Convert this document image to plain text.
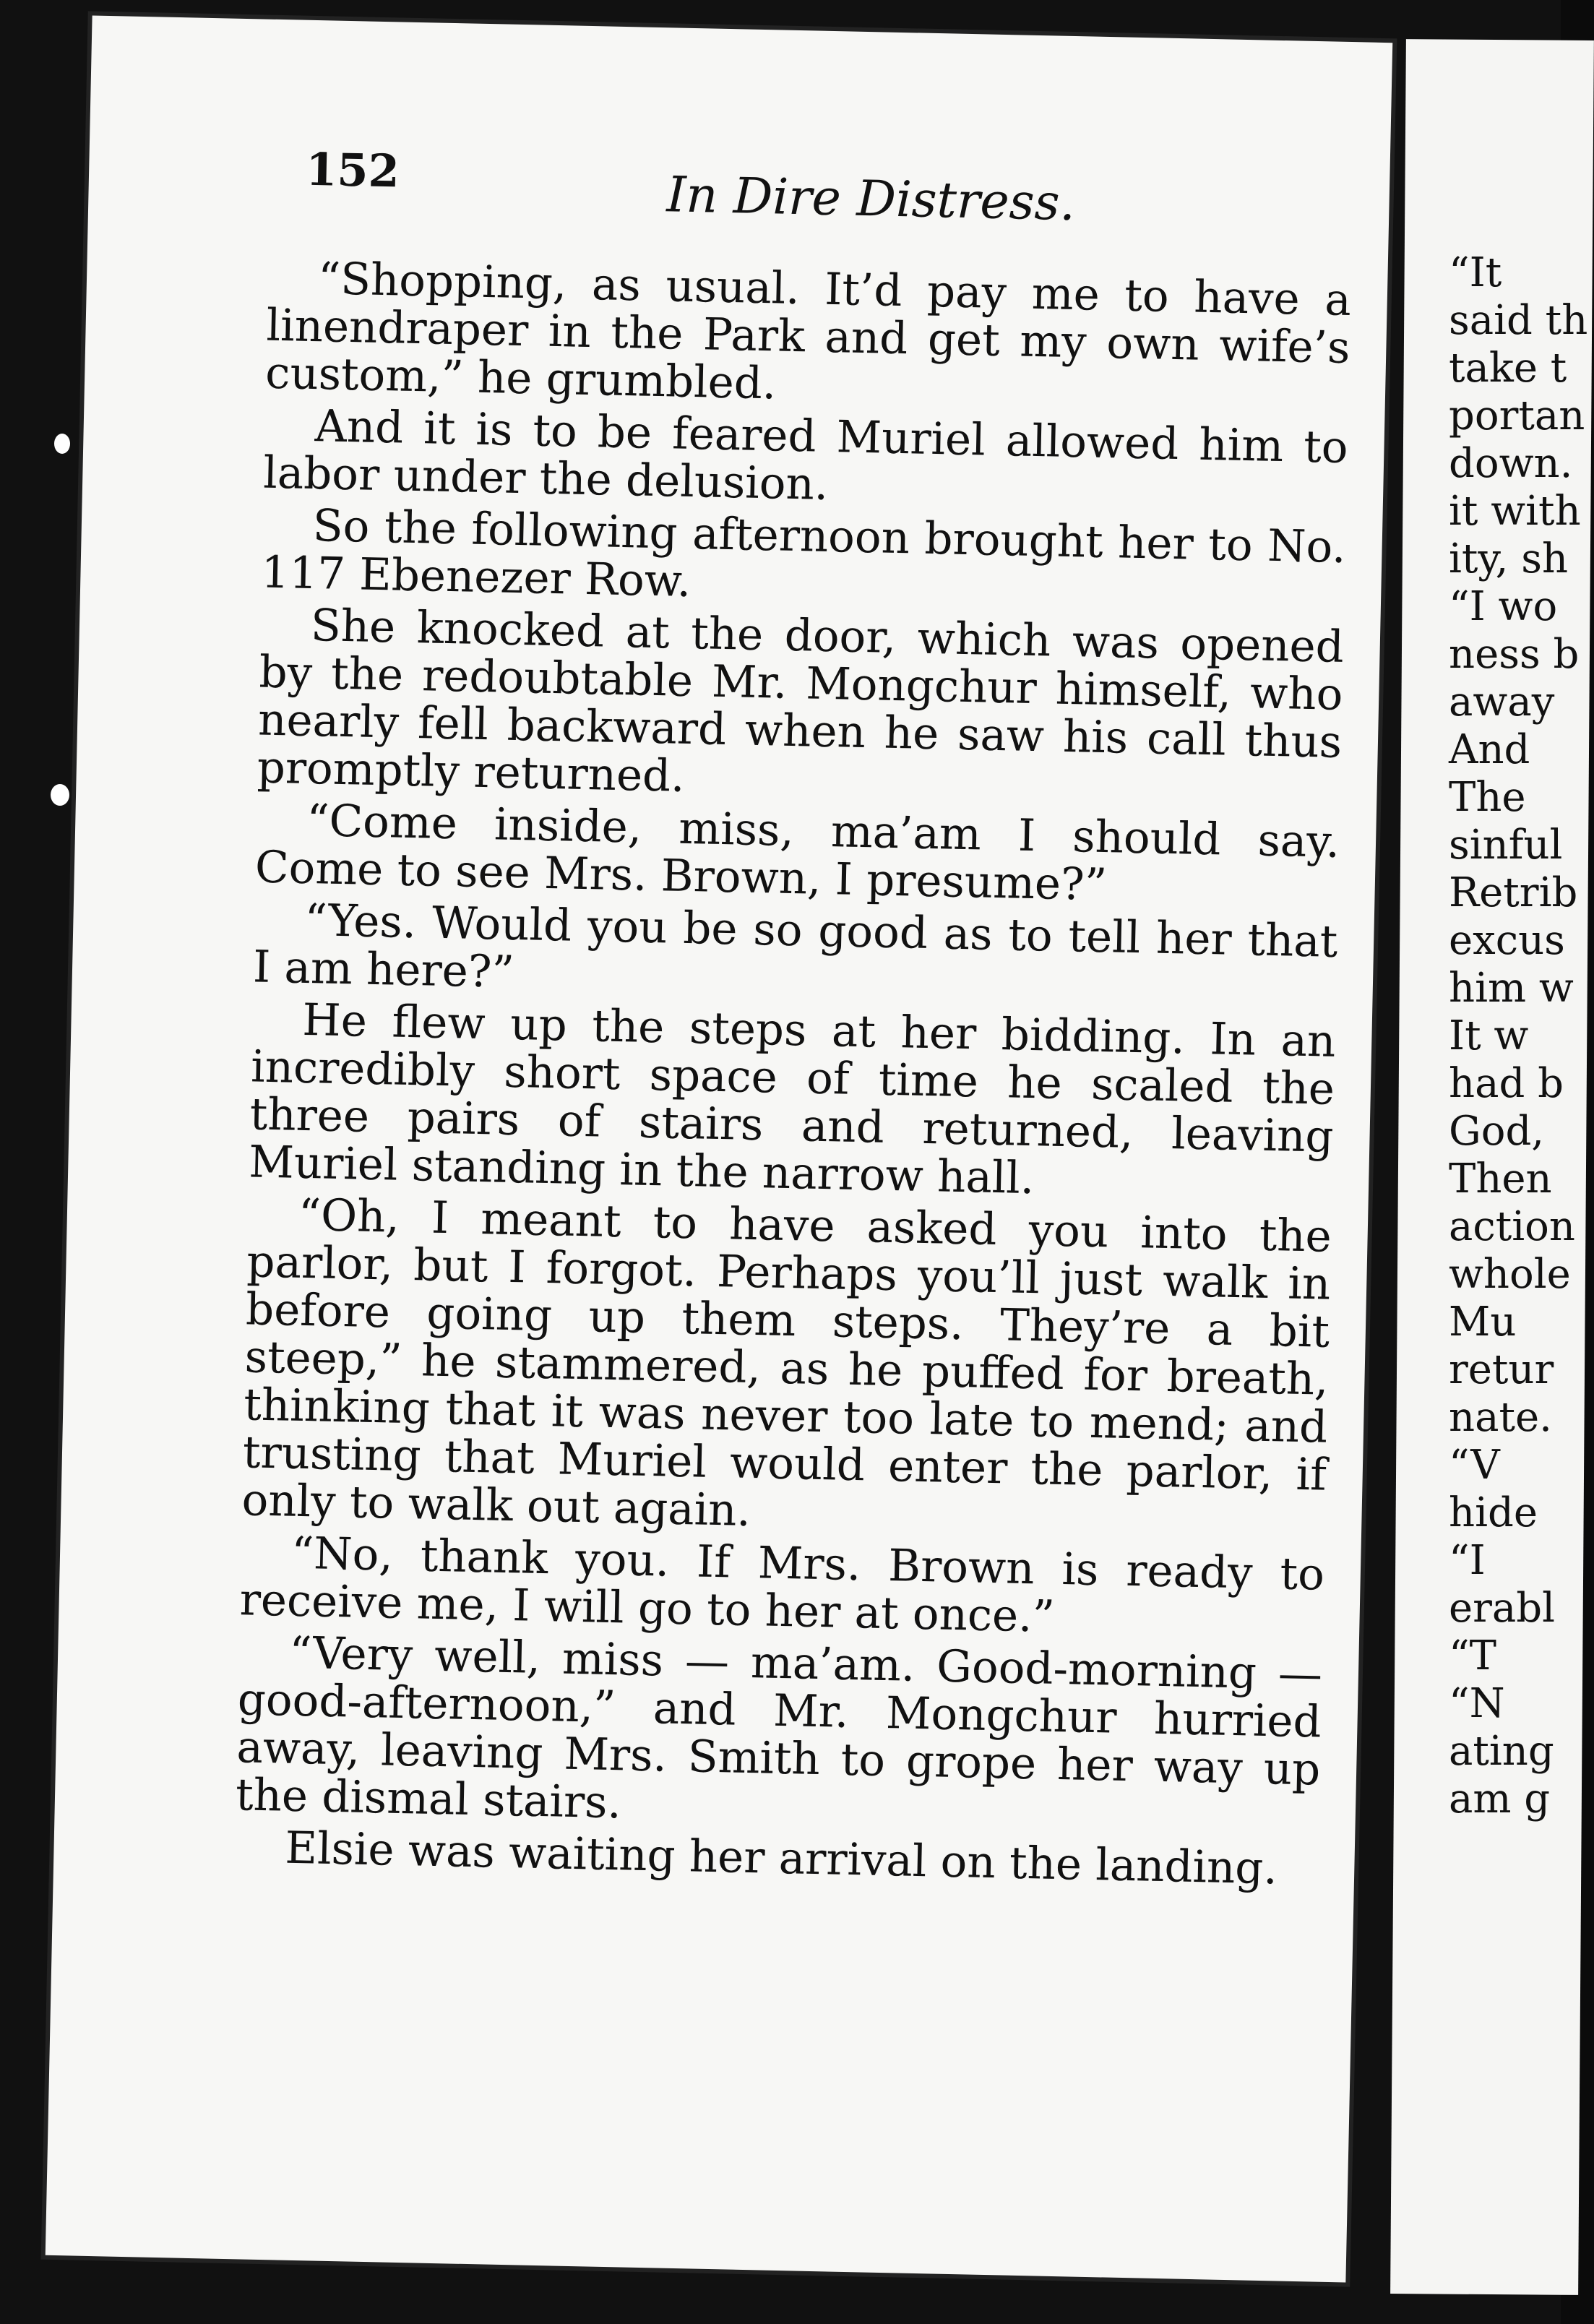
“It
said th
take t
portan
down.
it with
ity, sh
“I wo
ness b
away
And
The
sinful
Retrib
excus
him w
It w
had b
God,
Then
action
whole
Mu
retur
nate.
“V
hide
“I
erabl
“T
“N
ating
am g
152	In Dire Distress.

“Shopping, as usual. It’d pay me to have a linendraper in the Park and get my own wife’s custom,” he grumbled.

And it is to be feared Muriel allowed him to labor under the delusion.

So the following afternoon brought her to No. 117 Ebenezer Row.

She knocked at the door, which was opened by the redoubtable Mr. Mongchur himself, who nearly fell backward when he saw his call thus promptly returned.

“Come inside, miss, ma’am I should say. Come to see Mrs. Brown, I presume?”

“Yes. Would you be so good as to tell her that I am here?”

He flew up the steps at her bidding. In an incredibly short space of time he scaled the three pairs of stairs and returned, leaving Muriel standing in the narrow hall.

“Oh, I meant to have asked you into the parlor, but I forgot. Perhaps you’ll just walk in before going up them steps. They’re a bit steep,” he stammered, as he puffed for breath, thinking that it was never too late to mend; and trusting that Muriel would enter the parlor, if only to walk out again.

“No, thank you. If Mrs. Brown is ready to receive me, I will go to her at once.”

“Very well, miss — ma’am. Good-morning — good-afternoon,” and Mr. Mongchur hurried away, leaving Mrs. Smith to grope her way up the dismal stairs.

Elsie was waiting her arrival on the landing.
